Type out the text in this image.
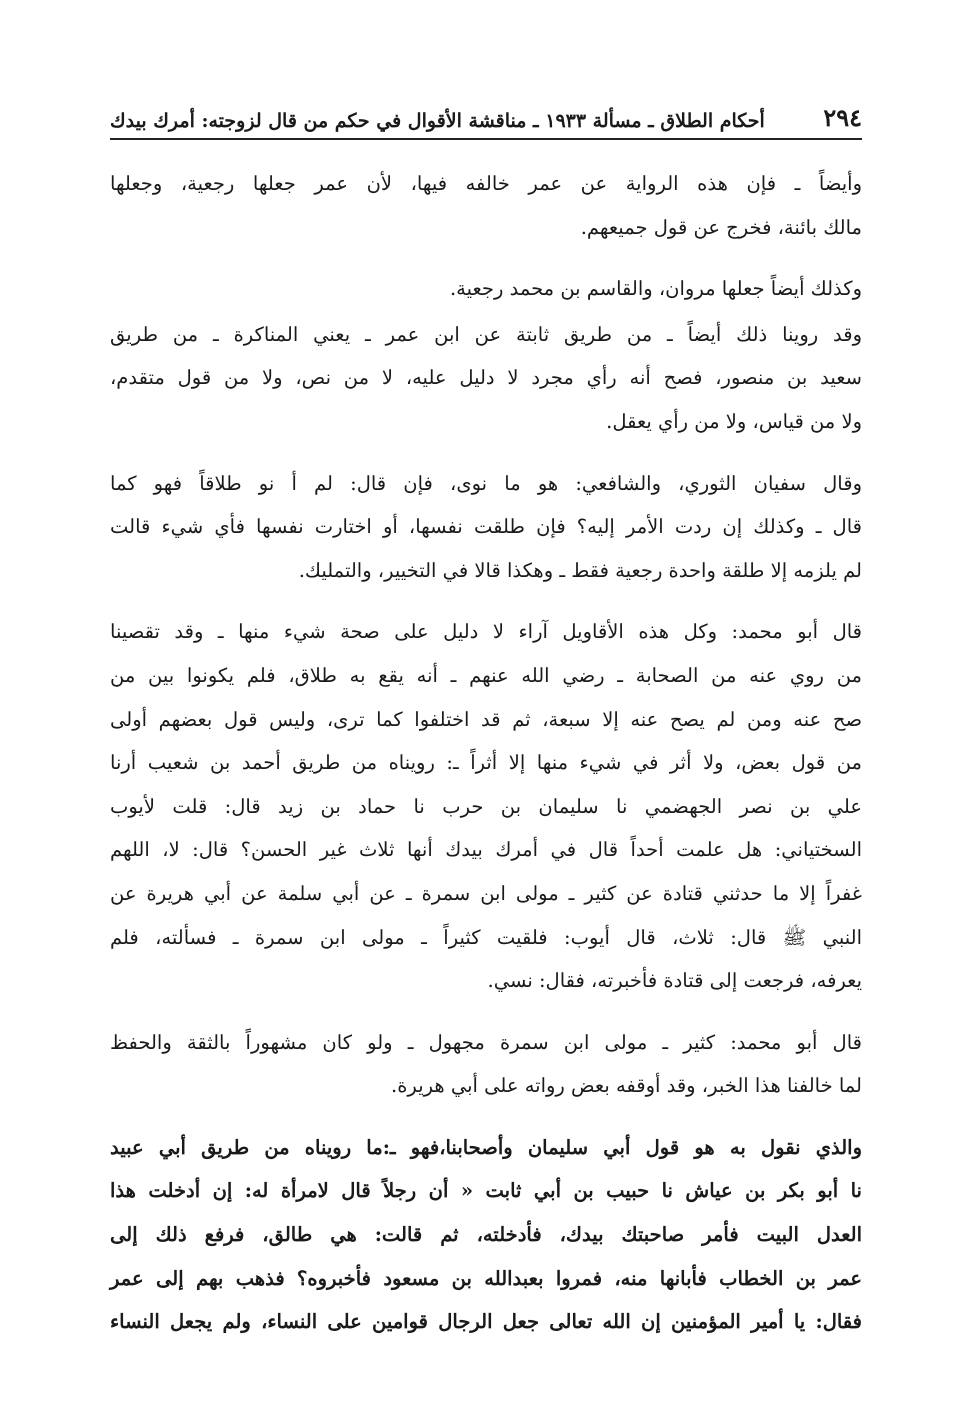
٢٩٤
أحكام الطلاق ـ مسألة ١٩٣٣ ـ مناقشة الأقوال في حكم من قال لزوجته: أمرك بيدك
وأيضاً ـ فإن هذه الرواية عن عمر خالفه فيها، لأن عمر جعلها رجعية، وجعلها
مالك بائنة، فخرج عن قول جميعهم.
وكذلك أيضاً جعلها مروان، والقاسم بن محمد رجعية.
وقد روينا ذلك أيضاً ـ من طريق ثابتة عن ابن عمر ـ يعني المناكرة ـ من طريق
سعيد بن منصور، فصح أنه رأي مجرد لا دليل عليه، لا من نص، ولا من قول متقدم،
ولا من قياس، ولا من رأي يعقل.
وقال سفيان الثوري، والشافعي: هو ما نوى، فإن قال: لم أ نو طلاقاً فهو كما
قال ـ وكذلك إن ردت الأمر إليه؟ فإن طلقت نفسها، أو اختارت نفسها فأي شيء قالت
لم يلزمه إلا طلقة واحدة رجعية فقط ـ وهكذا قالا في التخيير، والتمليك.
قال أبو محمد: وكل هذه الأقاويل آراء لا دليل على صحة شيء منها ـ وقد تقصينا
من روي عنه من الصحابة ـ رضي الله عنهم ـ أنه يقع به طلاق، فلم يكونوا بين من
صح عنه ومن لم يصح عنه إلا سبعة، ثم قد اختلفوا كما ترى، وليس قول بعضهم أولى
من قول بعض، ولا أثر في شيء منها إلا أثراً ـ: رويناه من طريق أحمد بن شعيب أرنا
علي بن نصر الجهضمي نا سليمان بن حرب نا حماد بن زيد قال: قلت لأيوب
السختياني: هل علمت أحداً قال في أمرك بيدك أنها ثلاث غير الحسن؟ قال: لا، اللهم
غفراً إلا ما حدثني قتادة عن كثير ـ مولى ابن سمرة ـ عن أبي سلمة عن أبي هريرة عن
النبي ﷺ قال: ثلاث، قال أيوب: فلقيت كثيراً ـ مولى ابن سمرة ـ فسألته، فلم
يعرفه، فرجعت إلى قتادة فأخبرته، فقال: نسي.
قال أبو محمد: كثير ـ مولى ابن سمرة مجهول ـ ولو كان مشهوراً بالثقة والحفظ
لما خالفنا هذا الخبر، وقد أوقفه بعض رواته على أبي هريرة.
والذي نقول به هو قول أبي سليمان وأصحابنا،فهو ـ:ما رويناه من طريق أبي عبيد
نا أبو بكر بن عياش نا حبيب بن أبي ثابت « أن رجلاً قال لامرأة له: إن أدخلت هذا
العدل البيت فأمر صاحبتك بيدك، فأدخلته، ثم قالت: هي طالق، فرفع ذلك إلى
عمر بن الخطاب فأبانها منه، فمروا بعبدالله بن مسعود فأخبروه؟ فذهب بهم إلى عمر
فقال: يا أمير المؤمنين إن الله تعالى جعل الرجال قوامين على النساء، ولم يجعل النساء
